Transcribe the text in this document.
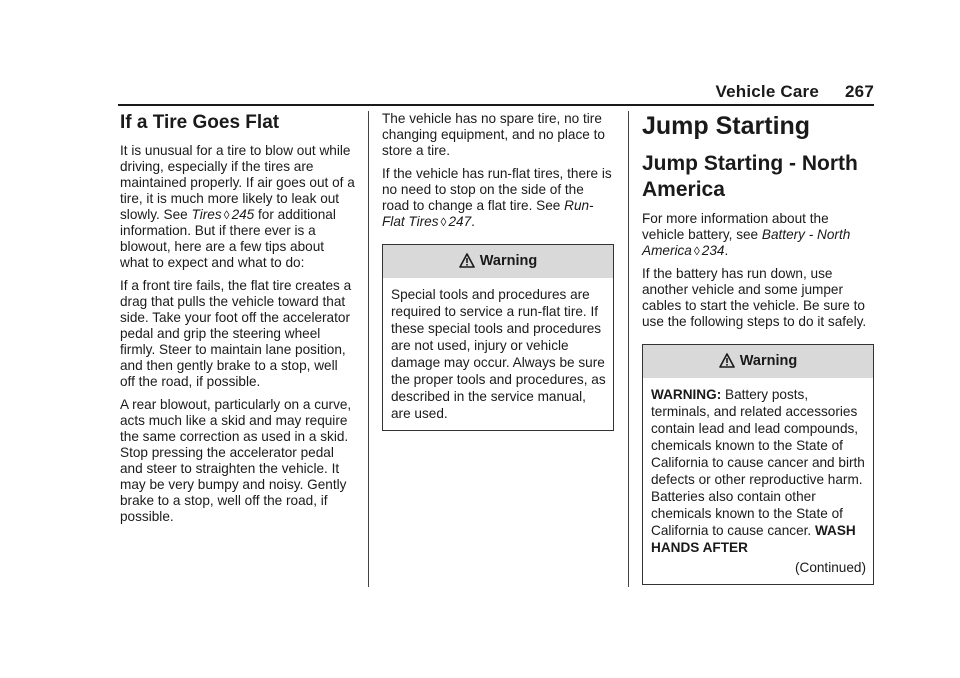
Vehicle Care 267
If a Tire Goes Flat

It is unusual for a tire to blow out while driving, especially if the tires are maintained properly. If air goes out of a tire, it is much more likely to leak out slowly. See Tires ◊ 245 for additional information. But if there ever is a blowout, here are a few tips about what to expect and what to do:

If a front tire fails, the flat tire creates a drag that pulls the vehicle toward that side. Take your foot off the accelerator pedal and grip the steering wheel firmly. Steer to maintain lane position, and then gently brake to a stop, well off the road, if possible.

A rear blowout, particularly on a curve, acts much like a skid and may require the same correction as used in a skid. Stop pressing the accelerator pedal and steer to straighten the vehicle. It may be very bumpy and noisy. Gently brake to a stop, well off the road, if possible.

The vehicle has no spare tire, no tire changing equipment, and no place to store a tire.

If the vehicle has run-flat tires, there is no need to stop on the side of the road to change a flat tire. See Run-Flat Tires ◊ 247.

Warning
Special tools and procedures are required to service a run-flat tire. If these special tools and procedures are not used, injury or vehicle damage may occur. Always be sure the proper tools and procedures, as described in the service manual, are used.
Jump Starting
Jump Starting - North America

For more information about the vehicle battery, see Battery - North America ◊ 234.

If the battery has run down, use another vehicle and some jumper cables to start the vehicle. Be sure to use the following steps to do it safely.

Warning
WARNING: Battery posts, terminals, and related accessories contain lead and lead compounds, chemicals known to the State of California to cause cancer and birth defects or other reproductive harm. Batteries also contain other chemicals known to the State of California to cause cancer. WASH HANDS AFTER
(Continued)
